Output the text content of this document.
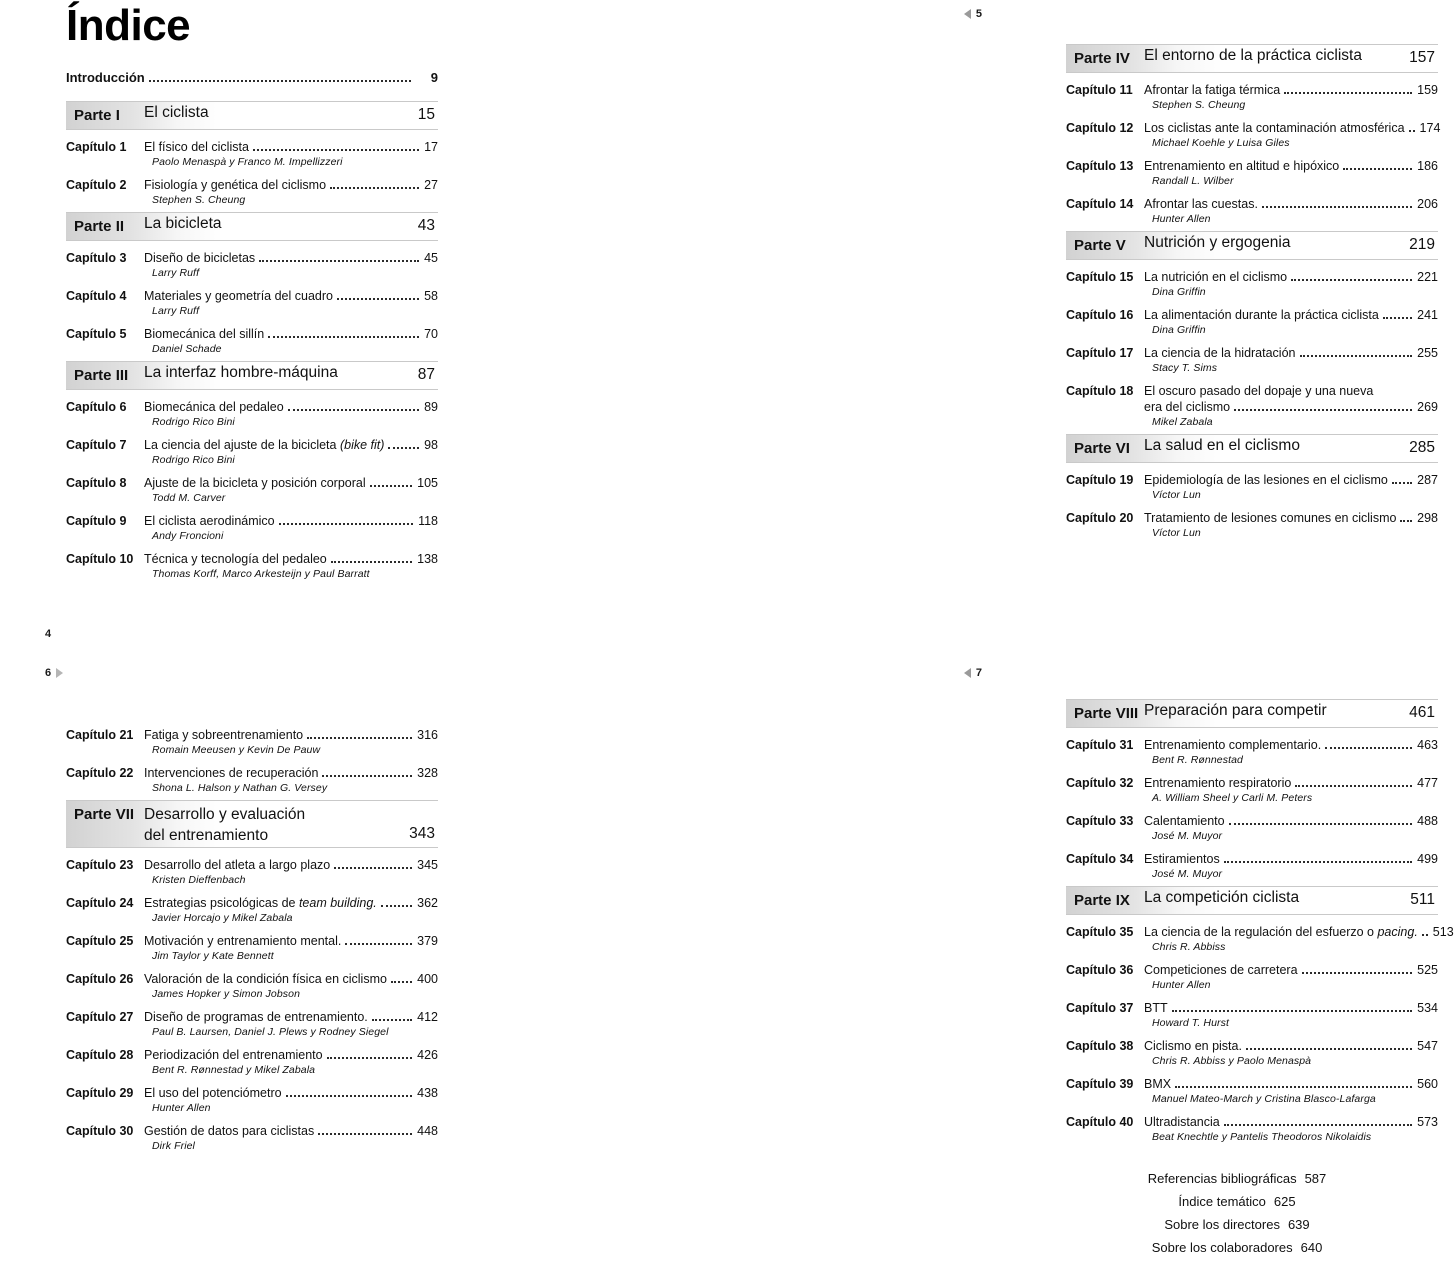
Índice
Introducción	9
Parte I	El ciclista	15
Capítulo 1	El físico del ciclista	17
Paolo Menaspà y Franco M. Impellizzeri
Capítulo 2	Fisiología y genética del ciclismo	27
Stephen S. Cheung
Parte II	La bicicleta	43
Capítulo 3	Diseño de bicicletas	45
Larry Ruff
Capítulo 4	Materiales y geometría del cuadro	58
Larry Ruff
Capítulo 5	Biomecánica del sillín	70
Daniel Schade
Parte III	La interfaz hombre-máquina	87
Capítulo 6	Biomecánica del pedaleo	89
Rodrigo Rico Bini
Capítulo 7	La ciencia del ajuste de la bicicleta (bike fit)	98
Rodrigo Rico Bini
Capítulo 8	Ajuste de la bicicleta y posición corporal	105
Todd M. Carver
Capítulo 9	El ciclista aerodinámico	118
Andy Froncioni
Capítulo 10 Técnica y tecnología del pedaleo	138
Thomas Korff, Marco Arkesteijn y Paul Barratt
4
5
Parte IV El entorno de la práctica ciclista	157
Capítulo 11 Afrontar la fatiga térmica	159
Stephen S. Cheung
Capítulo 12 Los ciclistas ante la contaminación atmosférica 174
Michael Koehle y Luisa Giles
Capítulo 13 Entrenamiento en altitud e hipóxico	186
Randall L. Wilber
Capítulo 14 Afrontar las cuestas.	206
Hunter Allen
Parte V	Nutrición y ergogenia	219
Capítulo 15 La nutrición en el ciclismo	221
Dina Griffin
Capítulo 16 La alimentación durante la práctica ciclista	241
Dina Griffin
Capítulo 17 La ciencia de la hidratación	255
Stacy T. Sims
Capítulo 18 El oscuro pasado del dopaje y una nueva
era del ciclismo	269
Mikel Zabala
Parte VI La salud en el ciclismo	285
Capítulo 19 Epidemiología de las lesiones en el ciclismo 287
Víctor Lun
Capítulo 20 Tratamiento de lesiones comunes en ciclismo 298
Víctor Lun
6
Capítulo 21 Fatiga y sobreentrenamiento	316
Romain Meeusen y Kevin De Pauw
Capítulo 22 Intervenciones de recuperación	328
Shona L. Halson y Nathan G. Versey
Parte VII Desarrollo y evaluación
del entrenamiento	343
Capítulo 23 Desarrollo del atleta a largo plazo	345
Kristen Dieffenbach
Capítulo 24 Estrategias psicológicas de team building.	362
Javier Horcajo y Mikel Zabala
Capítulo 25 Motivación y entrenamiento mental.	379
Jim Taylor y Kate Bennett
Capítulo 26 Valoración de la condición física en ciclismo 400
James Hopker y Simon Jobson
Capítulo 27 Diseño de programas de entrenamiento.	412
Paul B. Laursen, Daniel J. Plews y Rodney Siegel
Capítulo 28 Periodización del entrenamiento	426
Bent R. Rønnestad y Mikel Zabala
Capítulo 29 El uso del potenciómetro	438
Hunter Allen
Capítulo 30 Gestión de datos para ciclistas	448
Dirk Friel
7
Parte VIII Preparación para competir	461
Capítulo 31 Entrenamiento complementario.	463
Bent R. Rønnestad
Capítulo 32 Entrenamiento respiratorio	477
A. William Sheel y Carli M. Peters
Capítulo 33 Calentamiento	488
José M. Muyor
Capítulo 34 Estiramientos	499
José M. Muyor
Parte IX La competición ciclista	511
Capítulo 35 La ciencia de la regulación del esfuerzo o pacing. 513
Chris R. Abbiss
Capítulo 36 Competiciones de carretera	525
Hunter Allen
Capítulo 37 BTT	534
Howard T. Hurst
Capítulo 38 Ciclismo en pista.	547
Chris R. Abbiss y Paolo Menaspà
Capítulo 39 BMX	560
Manuel Mateo-March y Cristina Blasco-Lafarga
Capítulo 40 Ultradistancia	573
Beat Knechtle y Pantelis Theodoros Nikolaidis
Referencias bibliográficas 587
Índice temático 625
Sobre los directores 639
Sobre los colaboradores 640
